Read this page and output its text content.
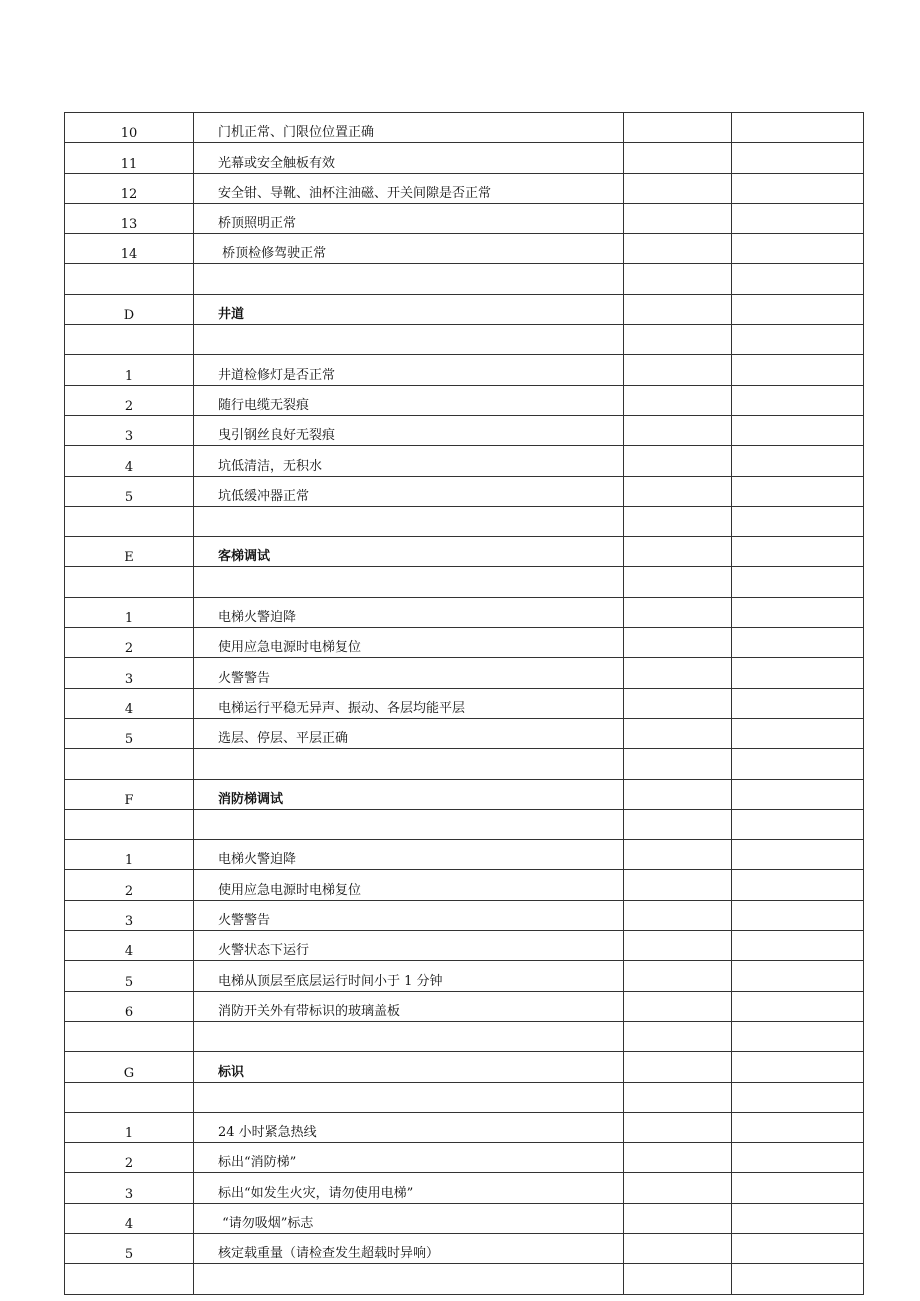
10	门机正常、门限位位置正确		
11	光幕或安全触板有效		
12	安全钳、导靴、油杯注油磁、开关间隙是否正常		
13	桥顶照明正常		
14	桥顶检修驾驶正常		

D	井道		

1	井道检修灯是否正常		
2	随行电缆无裂痕		
3	曳引钢丝良好无裂痕		
4	坑低清洁，无积水		
5	坑低缓冲器正常		

E	客梯调试		

1	电梯火警迫降		
2	使用应急电源时电梯复位		
3	火警警告		
4	电梯运行平稳无异声、振动、各层均能平层		
5	选层、停层、平层正确		

F	消防梯调试		

1	电梯火警迫降		
2	使用应急电源时电梯复位		
3	火警警告		
4	火警状态下运行		
5	电梯从顶层至底层运行时间小于 1 分钟		
6	消防开关外有带标识的玻璃盖板		

G	标识		

1	24 小时紧急热线		
2	标出“消防梯”		
3	标出“如发生火灾，请勿使用电梯”		
4	“请勿吸烟”标志		
5	核定载重量（请检查发生超载时异响）		
